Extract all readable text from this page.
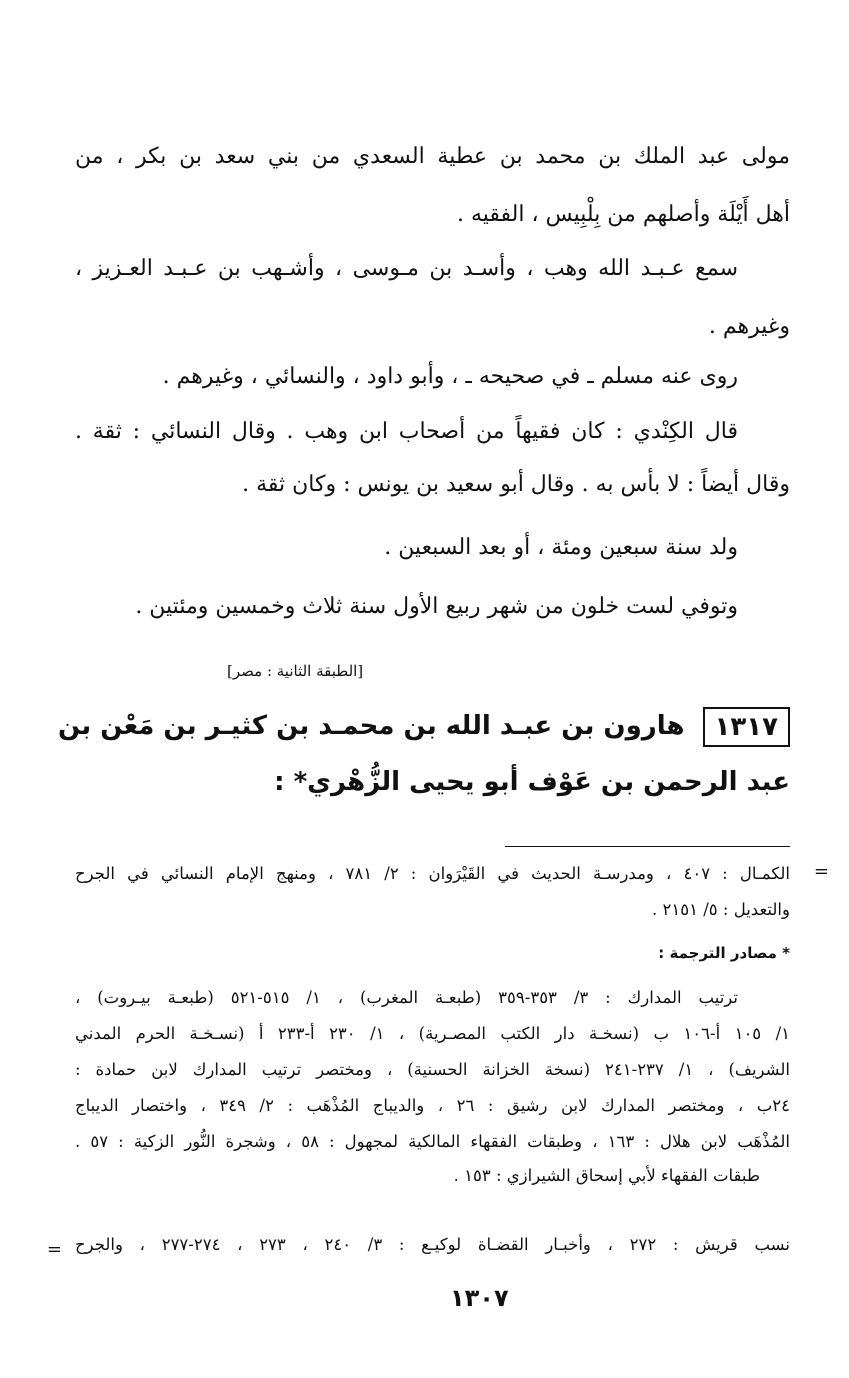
مولى عبد الملك بن محمد بن عطية السعدي من بني سعد بن بكر ، من
أهل أَيْلَة وأصلهم من بِلْبِيس ، الفقيه .
سمع عـبـد الله وهب ، وأسـد بن مـوسى ، وأشـهب بن عـبـد العـزيز ،
وغيرهم .
روى عنه مسلم ـ في صحيحه ـ ، وأبو داود ، والنسائي ، وغيرهم .
قال الكِنْدي : كان فقيهاً من أصحاب ابن وهب . وقال النسائي : ثقة .
وقال أيضاً : لا بأس به . وقال أبو سعيد بن يونس : وكان ثقة .
ولد سنة سبعين ومئة ، أو بعد السبعين .
وتوفي لست خلون من شهر ربيع الأول سنة ثلاث وخمسين ومئتين .
[الطبقة الثانية : مصر]
١٣١٧هارون بن عبـد الله بن محمـد بن كثيـر بن مَعْن بن
عبد الرحمن بن عَوْف أبو يحيى الزُّهْري* :
الكمـال : ٤٠٧ ، ومدرسـة الحديث في القَيْرَوان : ٢/ ٧٨١ ، ومنهج الإمام النسائي في الجرح
والتعديل : ٥/ ٢١٥١ .
* مصادر الترجمة :
ترتيب المدارك : ٣/ ٣٥٣-٣٥٩ (طبعـة المغرب) ، ١/ ٥١٥-٥٢١ (طبعـة بيـروت) ،
١/ ١٠٥ أ-١٠٦ ب (نسخـة دار الكتب المصـرية) ، ١/ ٢٣٠ أ-٢٣٣ أ (نسـخـة الحرم المدني
الشريف) ، ١/ ٢٣٧-٢٤١ (نسخة الخزانة الحسنية) ، ومختصر ترتيب المدارك لابن حمادة :
٢٤ب ، ومختصر المدارك لابن رشيق : ٢٦ ، والديباج المُذْهَب : ٢/ ٣٤٩ ، واختصار الديباج
المُذْهَب لابن هلال : ١٦٣ ، وطبقات الفقهاء المالكية لمجهول : ٥٨ ، وشجرة النُّور الزكية : ٥٧ .
طبقات الفقهاء لأبي إسحاق الشيرازي : ١٥٣ .
نسب قريش : ٢٧٢ ، وأخبـار القضـاة لوكيـع : ٣/ ٢٤٠ ، ٢٧٣ ، ٢٧٤-٢٧٧ ، والجرح
١٣٠٧
=
=
